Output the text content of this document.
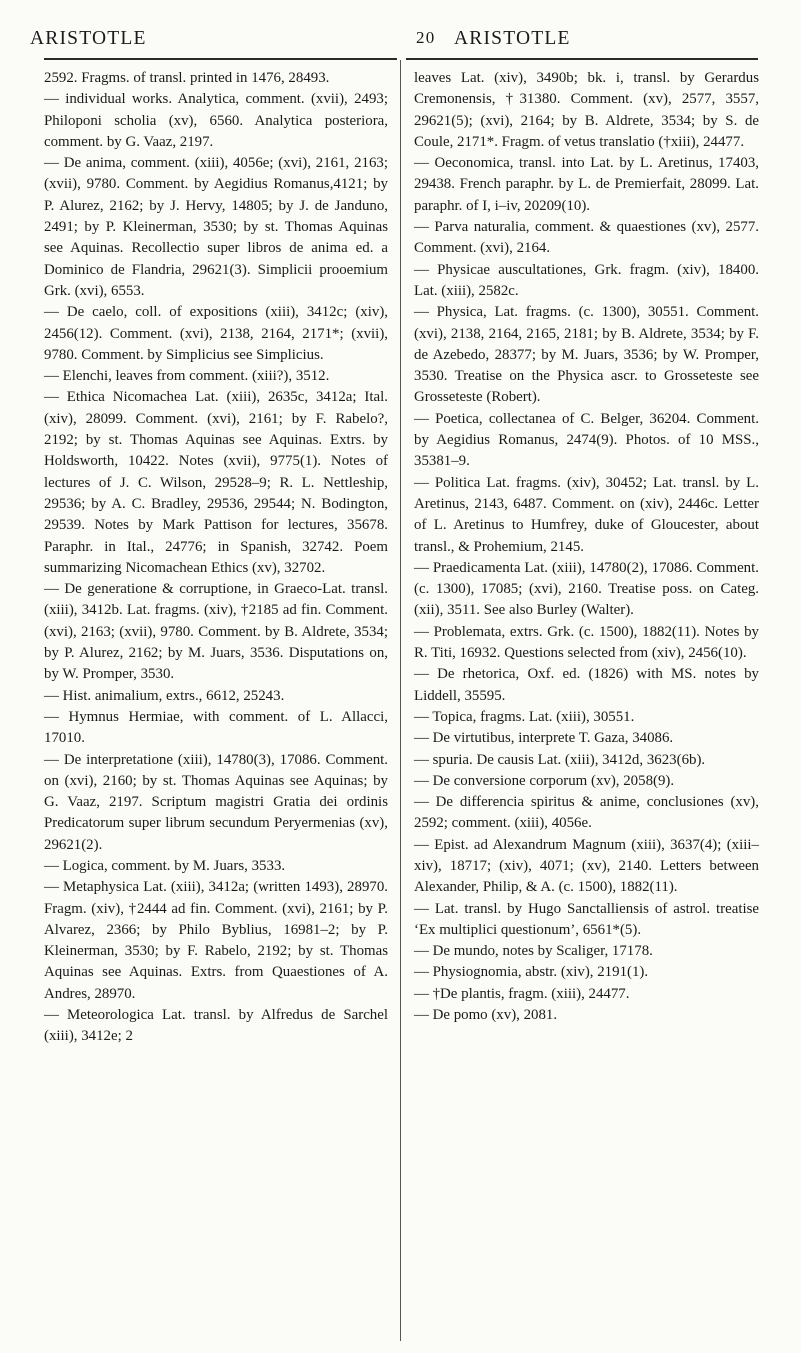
ARISTOTLE	20 ARISTOTLE

2592. Fragms. of transl. printed in 1476, 28493.

— individual works. Analytica, comment. (xvii), 2493; Philoponi scholia (xv), 6560. Analytica posteriora, comment. by G. Vaaz, 2197.

— De anima, comment. (xiii), 4056e; (xvi), 2161, 2163; (xvii), 9780. Comment. by Aegidius Romanus,4121; by P. Alurez, 2162; by J. Hervy, 14805; by J. de Janduno, 2491; by P. Kleinerman, 3530; by st. Thomas Aquinas see Aquinas. Recollectio super libros de anima ed. a Dominico de Flandria, 29621(3). Simplicii prooemium Grk. (xvi), 6553.

— De caelo, coll. of expositions (xiii), 3412c; (xiv), 2456(12). Comment. (xvi), 2138, 2164, 2171*; (xvii), 9780. Comment. by Simplicius see Simplicius.

— Elenchi, leaves from comment. (xiii?), 3512.

— Ethica Nicomachea Lat. (xiii), 2635c, 3412a; Ital. (xiv), 28099. Comment. (xvi), 2161; by F. Rabelo?, 2192; by st. Thomas Aquinas see Aquinas. Extrs. by Holdsworth, 10422. Notes (xvii), 9775(1). Notes of lectures of J. C. Wilson, 29528–9; R. L. Nettleship, 29536; by A. C. Bradley, 29536, 29544; N. Bodington, 29539. Notes by Mark Pattison for lectures, 35678. Paraphr. in Ital., 24776; in Spanish, 32742. Poem summarizing Nicomachean Ethics (xv), 32702.

— De generatione & corruptione, in Graeco-Lat. transl. (xiii), 3412b. Lat. fragms. (xiv), †2185 ad fin. Comment. (xvi), 2163; (xvii), 9780. Comment. by B. Aldrete, 3534; by P. Alurez, 2162; by M. Juars, 3536. Disputations on, by W. Promper, 3530.

— Hist. animalium, extrs., 6612, 25243.

— Hymnus Hermiae, with comment. of L. Allacci, 17010.

— De interpretatione (xiii), 14780(3), 17086. Comment. on (xvi), 2160; by st. Thomas Aquinas see Aquinas; by G. Vaaz, 2197. Scriptum magistri Gratia dei ordinis Predicatorum super librum secundum Peryermenias (xv), 29621(2).

— Logica, comment. by M. Juars, 3533.

— Metaphysica Lat. (xiii), 3412a; (written 1493), 28970. Fragm. (xiv), †2444 ad fin. Comment. (xvi), 2161; by P. Alvarez, 2366; by Philo Byblius, 16981–2; by P. Kleinerman, 3530; by F. Rabelo, 2192; by st. Thomas Aquinas see Aquinas. Extrs. from Quaestiones of A. Andres, 28970.

— Meteorologica Lat. transl. by Alfredus de Sarchel (xiii), 3412e; 2

leaves Lat. (xiv), 3490b; bk. i, transl. by Gerardus Cremonensis, †31380. Comment. (xv), 2577, 3557, 29621(5); (xvi), 2164; by B. Aldrete, 3534; by S. de Coule, 2171*. Fragm. of vetus translatio (†xiii), 24477.

— Oeconomica, transl. into Lat. by L. Aretinus, 17403, 29438. French paraphr. by L. de Premierfait, 28099. Lat. paraphr. of I, i–iv, 20209(10).

— Parva naturalia, comment. & quaestiones (xv), 2577. Comment. (xvi), 2164.

— Physicae auscultationes, Grk. fragm. (xiv), 18400. Lat. (xiii), 2582c.

— Physica, Lat. fragms. (c. 1300), 30551. Comment. (xvi), 2138, 2164, 2165, 2181; by B. Aldrete, 3534; by F. de Azebedo, 28377; by M. Juars, 3536; by W. Promper, 3530. Treatise on the Physica ascr. to Grosseteste see Grosseteste (Robert).

— Poetica, collectanea of C. Belger, 36204. Comment. by Aegidius Romanus, 2474(9). Photos. of 10 MSS., 35381–9.

— Politica Lat. fragms. (xiv), 30452; Lat. transl. by L. Aretinus, 2143, 6487. Comment. on (xiv), 2446c. Letter of L. Aretinus to Humfrey, duke of Gloucester, about transl., & Prohemium, 2145.

— Praedicamenta Lat. (xiii), 14780(2), 17086. Comment. (c. 1300), 17085; (xvi), 2160. Treatise poss. on Categ. (xii), 3511. See also Burley (Walter).

— Problemata, extrs. Grk. (c. 1500), 1882(11). Notes by R. Titi, 16932. Questions selected from (xiv), 2456(10).

— De rhetorica, Oxf. ed. (1826) with MS. notes by Liddell, 35595.

— Topica, fragms. Lat. (xiii), 30551.

— De virtutibus, interprete T. Gaza, 34086.

— spuria. De causis Lat. (xiii), 3412d, 3623(6b).

— De conversione corporum (xv), 2058(9).

— De differencia spiritus & anime, conclusiones (xv), 2592; comment. (xiii), 4056e.

— Epist. ad Alexandrum Magnum (xiii), 3637(4); (xiii–xiv), 18717; (xiv), 4071; (xv), 2140. Letters between Alexander, Philip, & A. (c. 1500), 1882(11).

— Lat. transl. by Hugo Sanctalliensis of astrol. treatise ‘Ex multiplici questionum’, 6561*(5).

— De mundo, notes by Scaliger, 17178.

— Physiognomia, abstr. (xiv), 2191(1).

— †De plantis, fragm. (xiii), 24477.

— De pomo (xv), 2081.
